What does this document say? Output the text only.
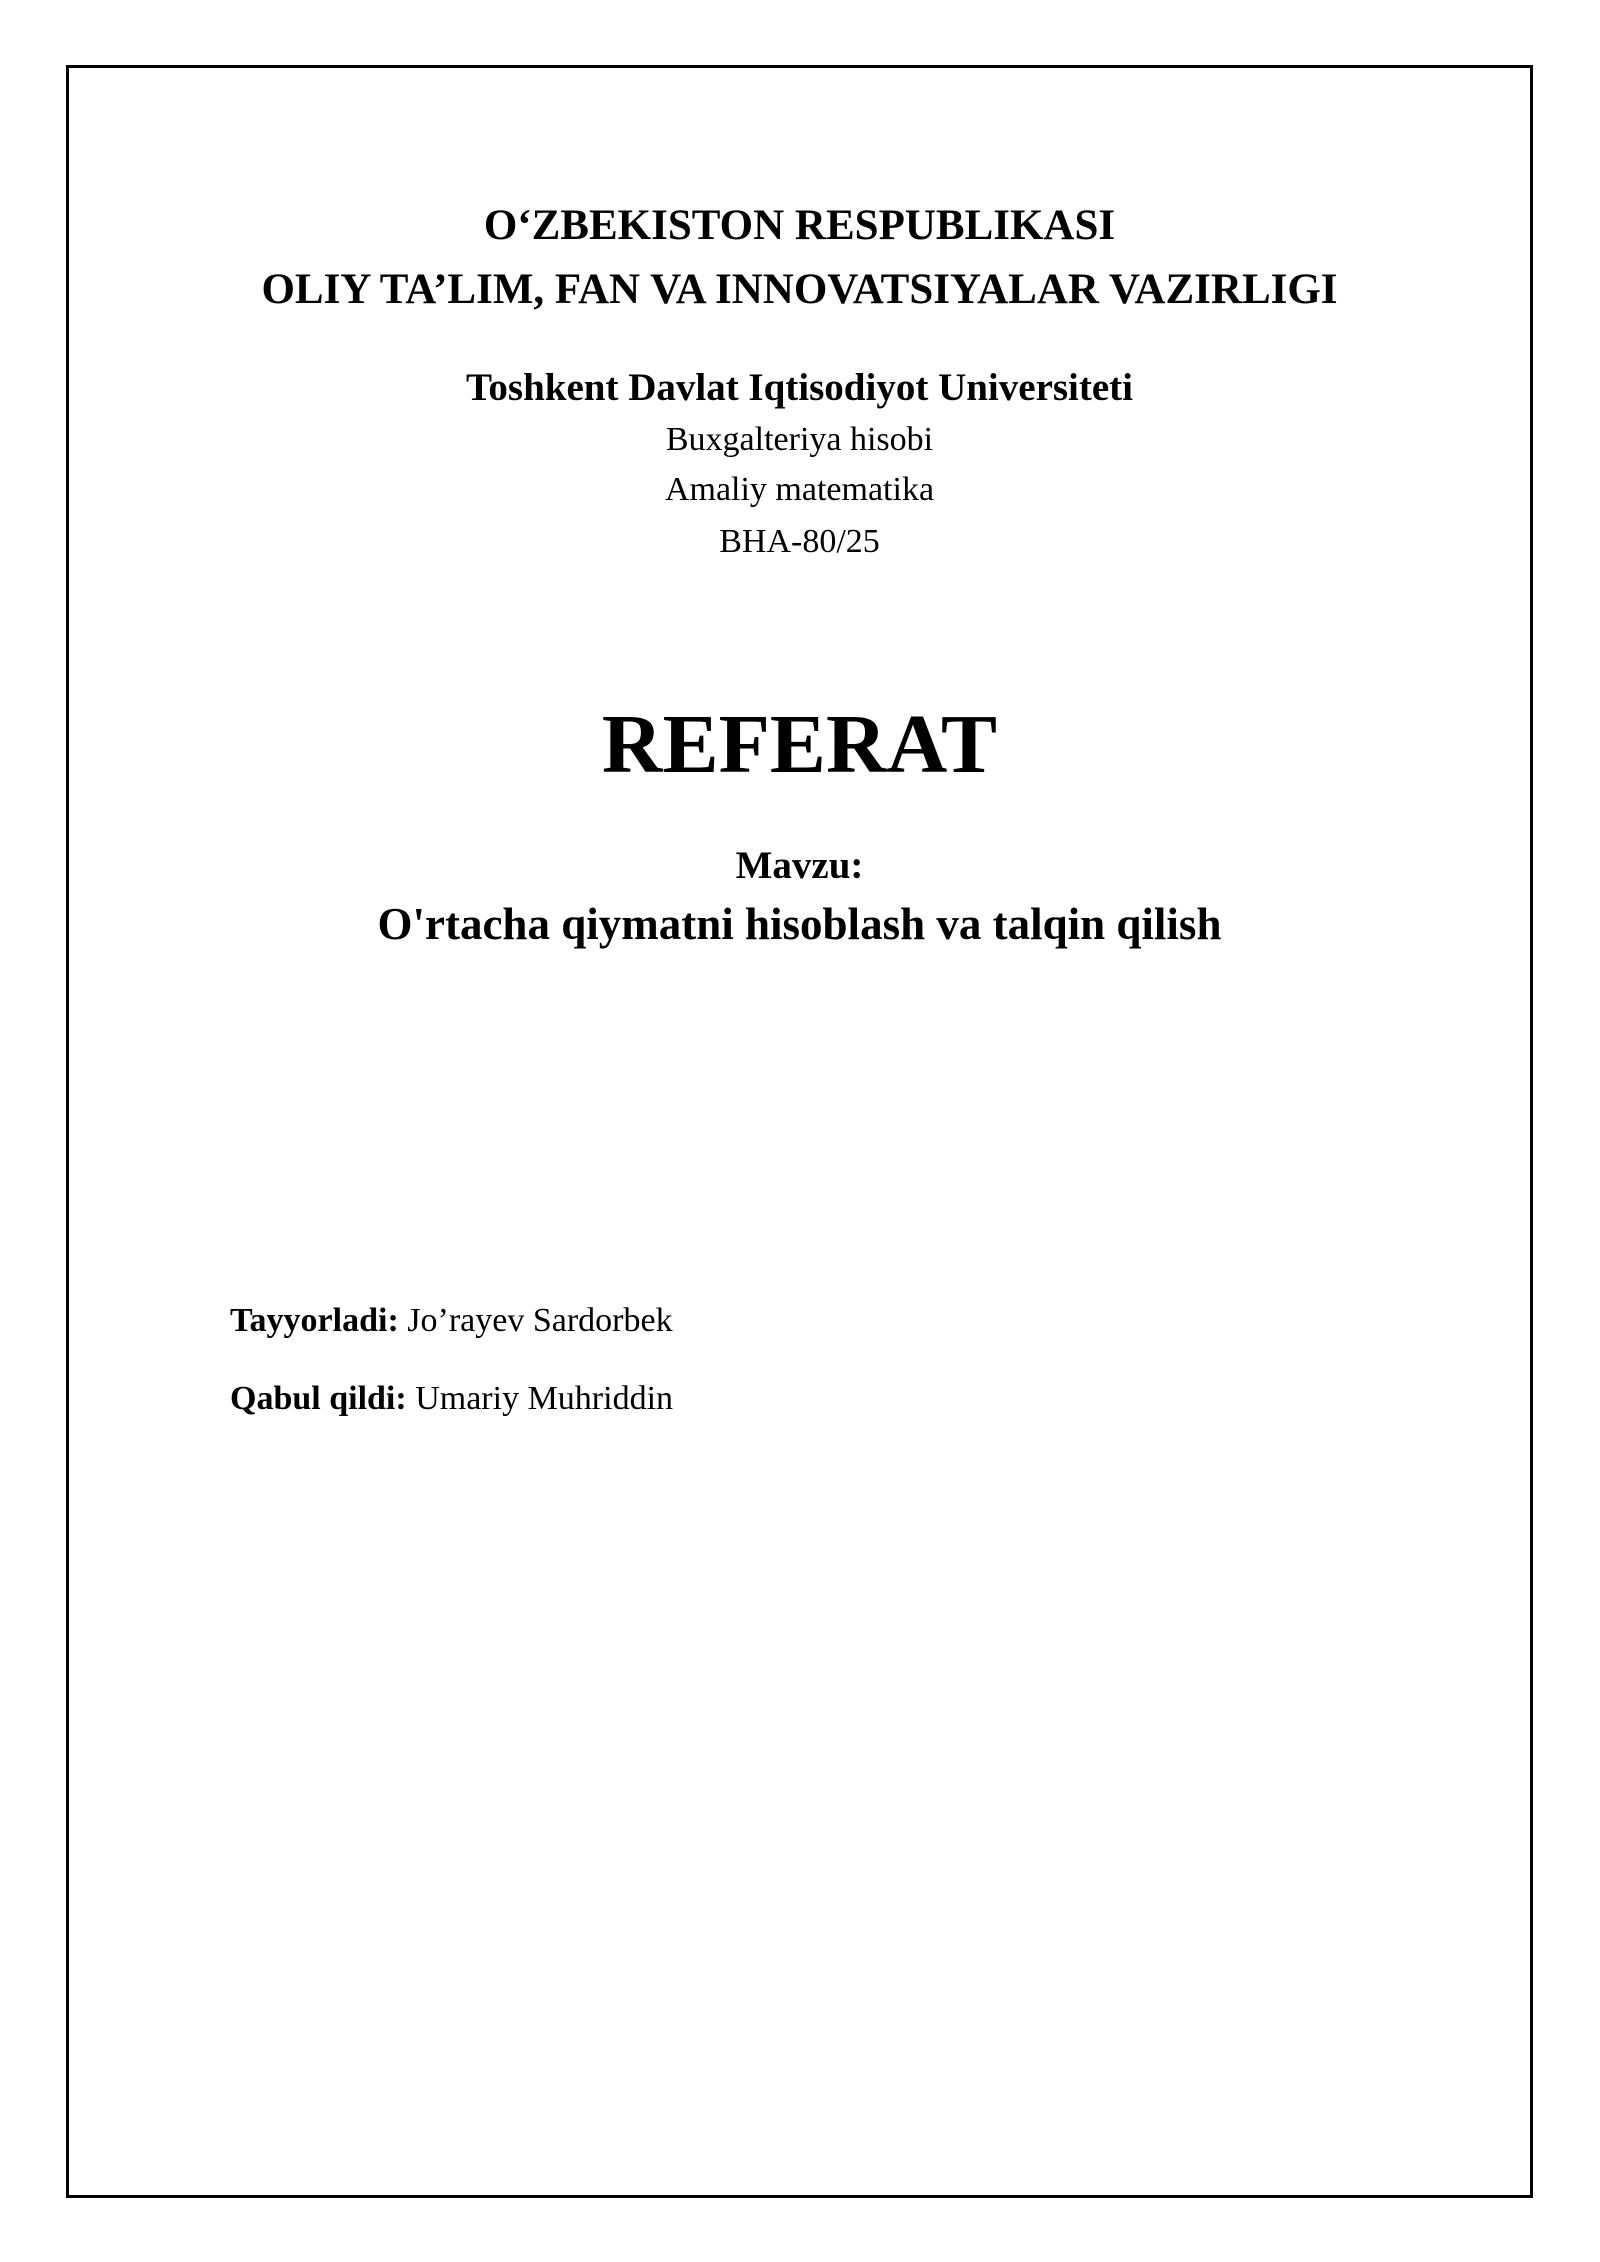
O‘ZBEKISTON RESPUBLIKASI
OLIY TA’LIM, FAN VA INNOVATSIYALAR VAZIRLIGI
Toshkent Davlat Iqtisodiyot Universiteti
Buxgalteriya hisobi
Amaliy matematika
BHA-80/25
REFERAT
Mavzu:
O'rtacha qiymatni hisoblash va talqin qilish
Tayyorladi: Jo’rayev Sardorbek
Qabul qildi: Umariy Muhriddin
